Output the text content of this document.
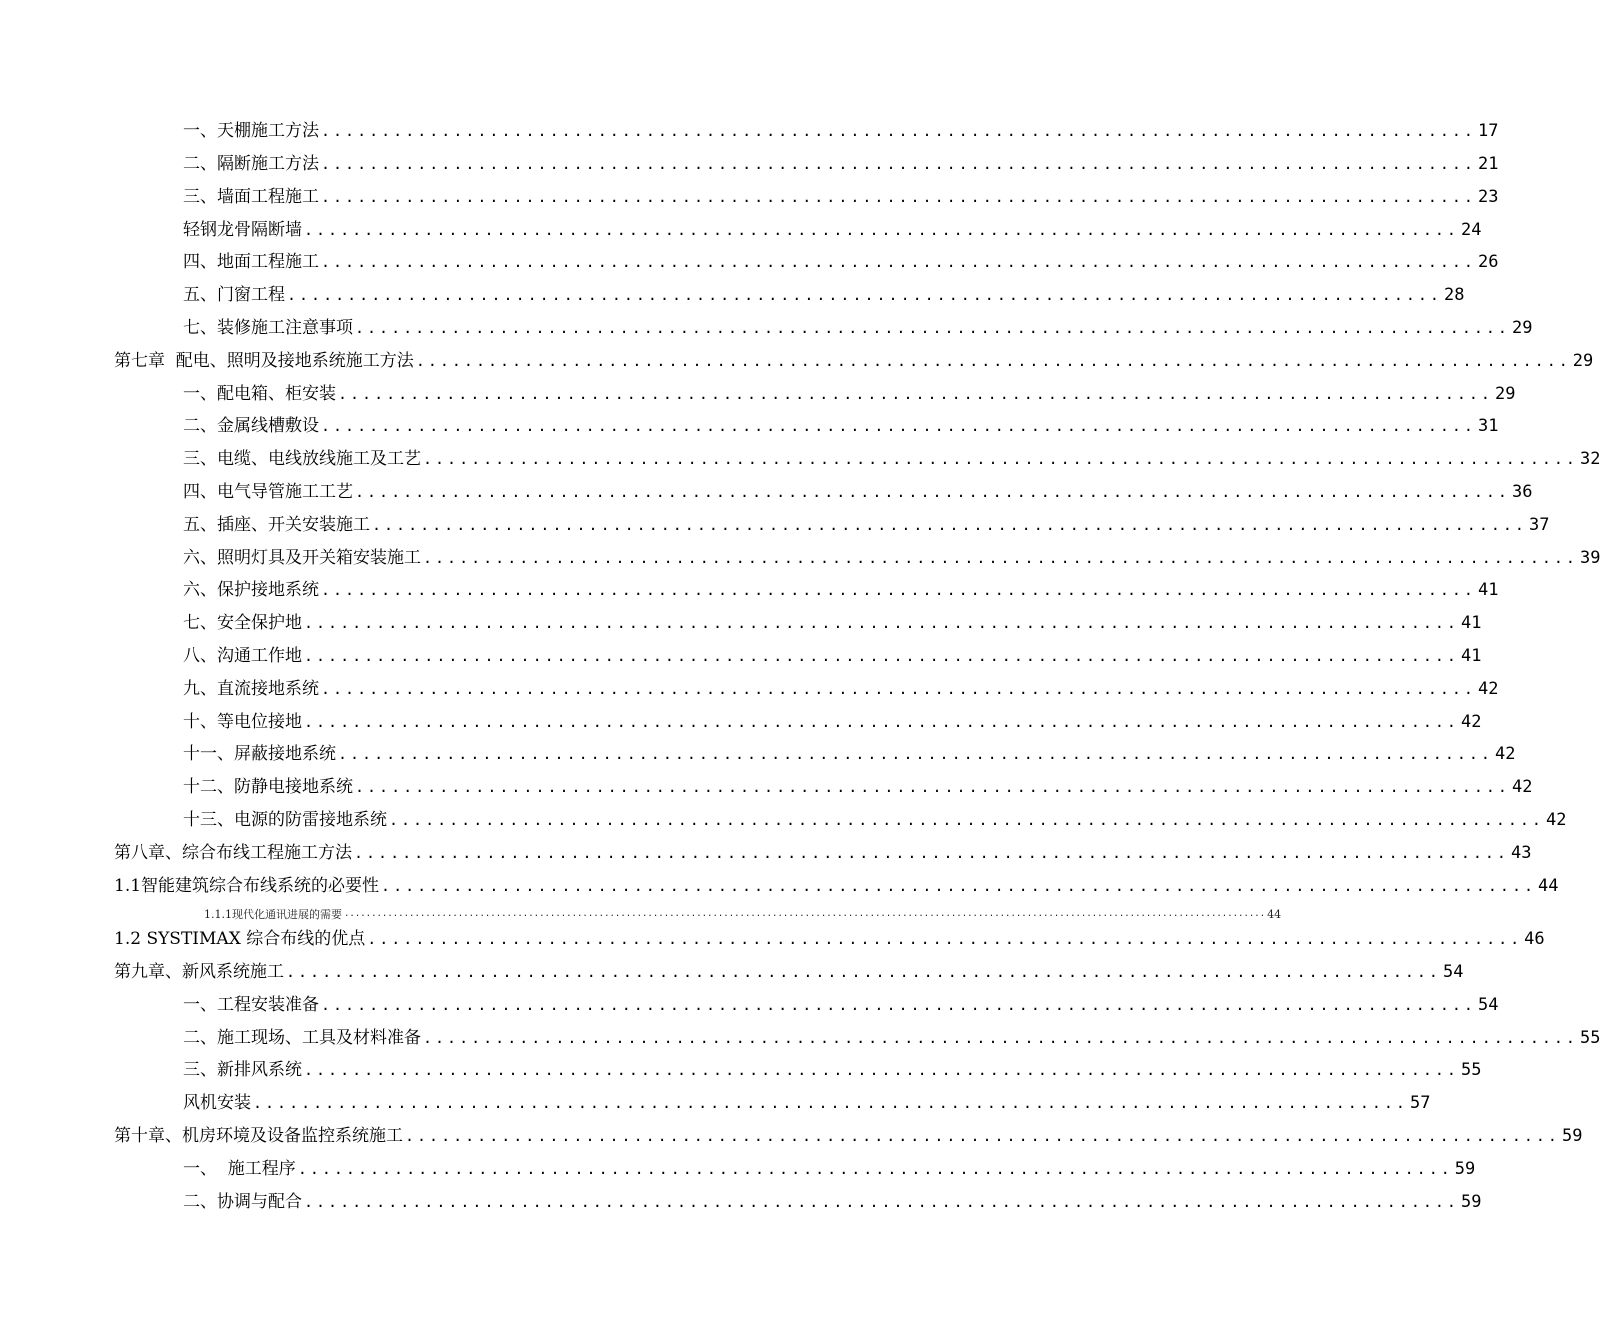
一、天棚施工方法 ................................................................................................ 17
二、隔断施工方法 ................................................................................................ 21
三、墙面工程施工 ................................................................................................ 23
轻钢龙骨隔断墙 ................................................................................................ 24
四、地面工程施工 ................................................................................................ 26
五、门窗工程 ................................................................................................ 28
七、装修施工注意事项 ................................................................................................ 29
第七章  配电、照明及接地系统施工方法 ................................................................................................ 29
一、配电箱、柜安装 ................................................................................................ 29
二、金属线槽敷设 ................................................................................................ 31
三、电缆、电线放线施工及工艺 ................................................................................................ 32
四、电气导管施工工艺 ................................................................................................ 36
五、插座、开关安装施工 ................................................................................................ 37
六、照明灯具及开关箱安装施工 ................................................................................................ 39
六、保护接地系统 ................................................................................................ 41
七、安全保护地 ................................................................................................ 41
八、沟通工作地 ................................................................................................ 41
九、直流接地系统 ................................................................................................ 42
十、等电位接地 ................................................................................................ 42
十一、屏蔽接地系统 ................................................................................................ 42
十二、防静电接地系统 ................................................................................................ 42
十三、电源的防雷接地系统 ................................................................................................ 42
第八章、综合布线工程施工方法 ................................................................................................ 43
1.1智能建筑综合布线系统的必要性 ................................................................................................ 44
1.1.1现代化通讯进展的需要 .......................................................................................................................................................................... 44
1.2 SYSTIMAX 综合布线的优点 ................................................................................................ 46
第九章、新风系统施工 ................................................................................................ 54
一、工程安装准备 ................................................................................................ 54
二、施工现场、工具及材料准备 ................................................................................................ 55
三、新排风系统 ................................................................................................ 55
风机安装 ................................................................................................ 57
第十章、机房环境及设备监控系统施工 ................................................................................................ 59
一、  施工程序 ................................................................................................ 59
二、协调与配合 ................................................................................................ 59
